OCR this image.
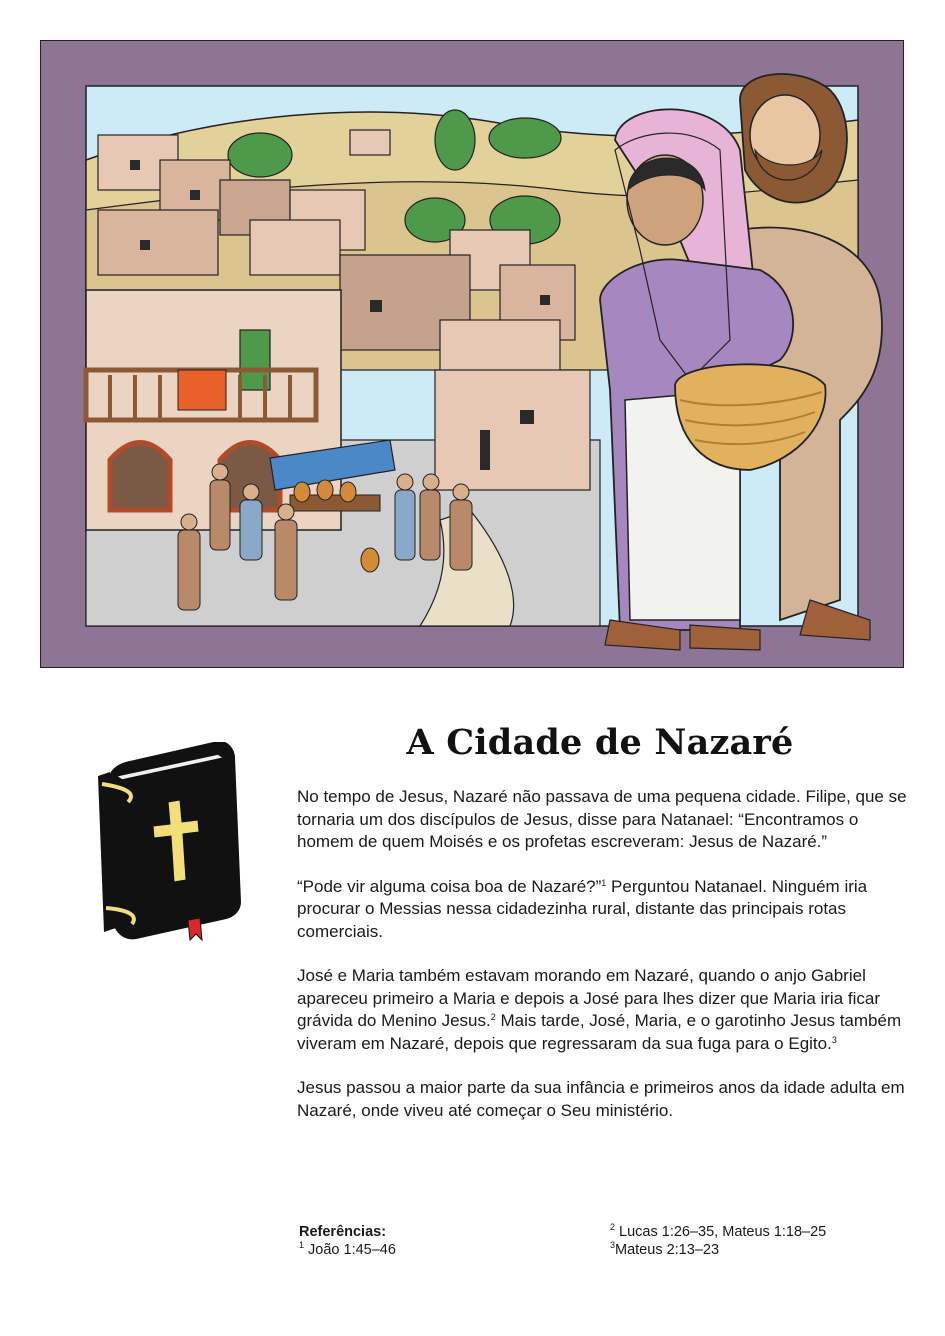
A Cidade de Nazaré

No tempo de Jesus, Nazaré não passava de uma pequena cidade. Filipe, que se tornaria um dos discípulos de Jesus, disse para Natanael: “Encontramos o homem de quem Moisés e os profetas escreveram: Jesus de Nazaré.”

“Pode vir alguma coisa boa de Nazaré?”$^1$ Perguntou Natanael. Ninguém iria procurar o Messias nessa cidadezinha rural, distante das principais rotas comerciais.

José e Maria também estavam morando em Nazaré, quando o anjo Gabriel apareceu primeiro a Maria e depois a José para lhes dizer que Maria iria ficar grávida do Menino Jesus.$^2$ Mais tarde, José, Maria, e o garotinho Jesus também viveram em Nazaré, depois que regressaram da sua fuga para o Egito.$^3$

Jesus passou a maior parte da sua infância e primeiros anos da idade adulta em Nazaré, onde viveu até começar o Seu ministério.

Referências:
$^1$ João 1:45–46
$^2$ Lucas 1:26–35, Mateus 1:18–25
$^3$Mateus 2:13–23
